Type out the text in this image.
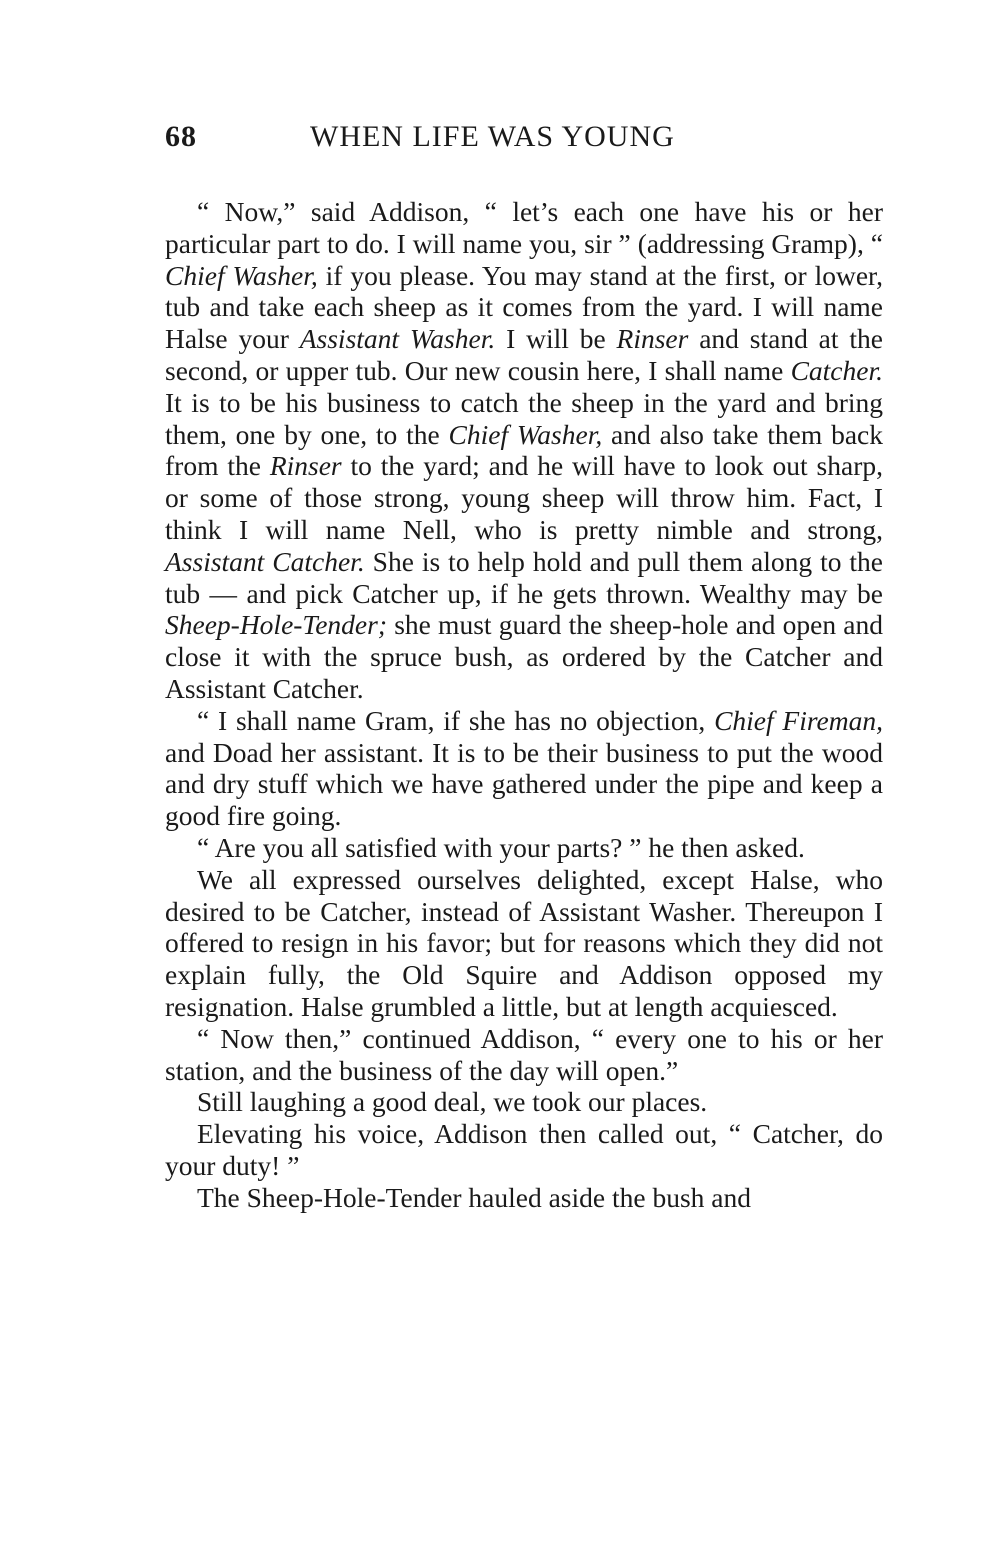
68	WHEN LIFE WAS YOUNG

“ Now,” said Addison, “ let’s each one have his or her particular part to do. I will name you, sir ” (addressing Gramp), “ Chief Washer, if you please. You may stand at the first, or lower, tub and take each sheep as it comes from the yard. I will name Halse your Assistant Washer. I will be Rinser and stand at the second, or upper tub. Our new cousin here, I shall name Catcher. It is to be his business to catch the sheep in the yard and bring them, one by one, to the Chief Washer, and also take them back from the Rinser to the yard; and he will have to look out sharp, or some of those strong, young sheep will throw him. Fact, I think I will name Nell, who is pretty nimble and strong, Assistant Catcher. She is to help hold and pull them along to the tub — and pick Catcher up, if he gets thrown. Wealthy may be Sheep-Hole-Tender; she must guard the sheep-hole and open and close it with the spruce bush, as ordered by the Catcher and Assistant Catcher.

“ I shall name Gram, if she has no objection, Chief Fireman, and Doad her assistant. It is to be their business to put the wood and dry stuff which we have gathered under the pipe and keep a good fire going.

“ Are you all satisfied with your parts? ” he then asked.

We all expressed ourselves delighted, except Halse, who desired to be Catcher, instead of Assistant Washer. Thereupon I offered to resign in his favor; but for reasons which they did not explain fully, the Old Squire and Addison opposed my resignation. Halse grumbled a little, but at length acquiesced.

“ Now then,” continued Addison, “ every one to his or her station, and the business of the day will open.”

Still laughing a good deal, we took our places.

Elevating his voice, Addison then called out, “ Catcher, do your duty! ”

The Sheep-Hole-Tender hauled aside the bush and
